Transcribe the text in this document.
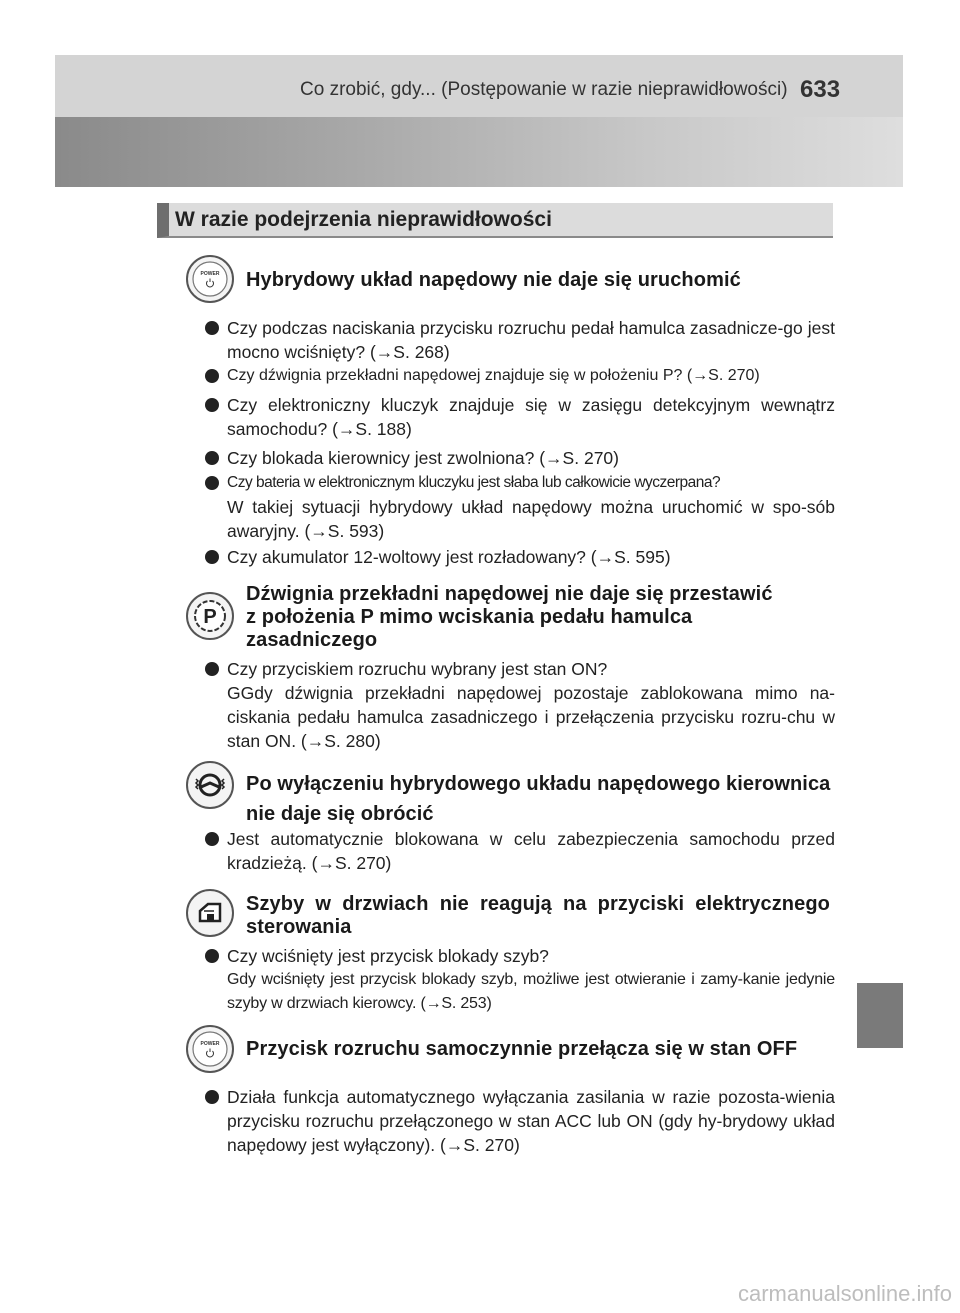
Co zrobić, gdy... (Postępowanie w razie nieprawidłowości) 633
W razie podejrzenia nieprawidłowości
POWER Hybrydowy układ napędowy nie daje się uruchomić
Czy podczas naciskania przycisku rozruchu pedał hamulca zasadnicze-go jest mocno wciśnięty? (→S. 268)
Czy dźwignia przekładni napędowej znajduje się w położeniu P? (→S. 270)
Czy elektroniczny kluczyk znajduje się w zasięgu detekcyjnym wewnątrz samochodu? (→S. 188)
Czy blokada kierownicy jest zwolniona? (→S. 270)
Czy bateria w elektronicznym kluczyku jest słaba lub całkowicie wyczerpana?
W takiej sytuacji hybrydowy układ napędowy można uruchomić w spo-sób awaryjny. (→S. 593)
Czy akumulator 12-woltowy jest rozładowany? (→S. 595)
P
Dźwignia przekładni napędowej nie daje się przestawić
z położenia P mimo wciskania pedału hamulca
zasadniczego
Czy przyciskiem rozruchu wybrany jest stan ON?
GGdy dźwignia przekładni napędowej pozostaje zablokowana mimo na-ciskania pedału hamulca zasadniczego i przełączenia przycisku rozru-chu w stan ON. (→S. 280)
Po wyłączeniu hybrydowego układu napędowego kierownica
nie daje się obrócić
Jest automatycznie blokowana w celu zabezpieczenia samochodu przed kradzieżą. (→S. 270)
Szyby w drzwiach nie reagują na przyciski elektrycznego
sterowania
Czy wciśnięty jest przycisk blokady szyb?
Gdy wciśnięty jest przycisk blokady szyb, możliwe jest otwieranie i zamy-kanie jedynie szyby w drzwiach kierowcy. (→S. 253)
POWER Przycisk rozruchu samoczynnie przełącza się w stan OFF
Działa funkcja automatycznego wyłączania zasilania w razie pozosta-wienia przycisku rozruchu przełączonego w stan ACC lub ON (gdy hy-brydowy układ napędowy jest wyłączony). (→S. 270)
carmanualsonline.info
